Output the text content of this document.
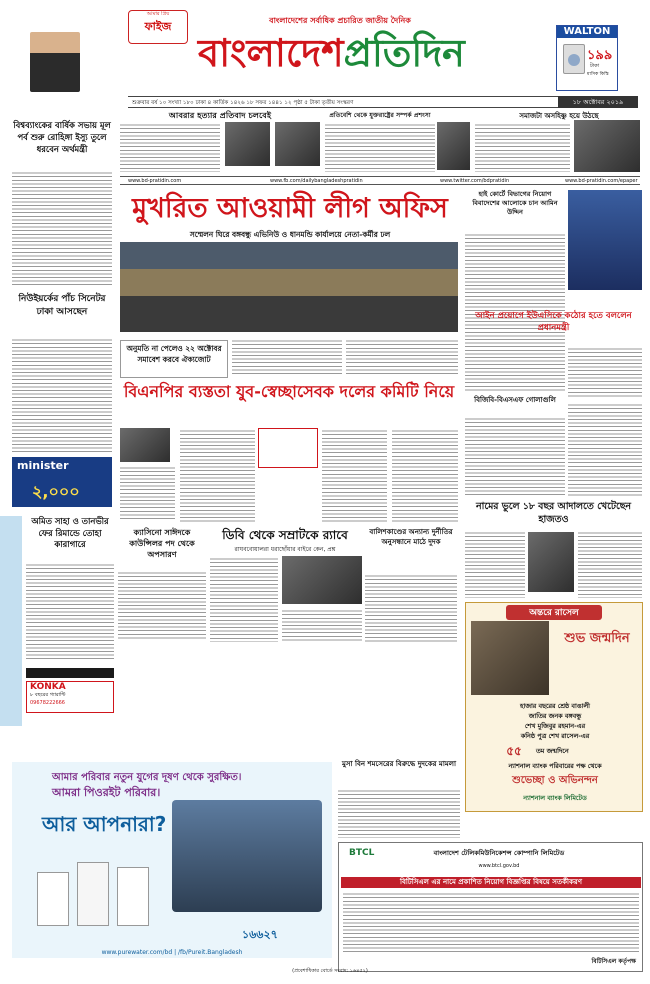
আমার প্রিয়
ফাইজ	বাংলাদেশের সর্বাধিক প্রচারিত জাতীয় দৈনিক
বাংলাদেশপ্রতিদিন	WALTON
১৯৯
টাকা
মাসিক কিস্তি
শুক্রবার বর্ষ ১০ সংখ্যা ১৮০ ঢাকা ৪ কার্তিক ১৪২৬ ১৮ সফর ১৪৪১ ১২ পৃষ্ঠা ৫ টাকা তৃতীয় সংস্করণ	১৮ অক্টোবর ২০১৯
বিশ্বব্যাংকের বার্ষিক সভায় মূল পর্ব শুরু রোহিঙ্গা ইস্যু তুলে ধরবেন অর্থমন্ত্রী
নিউইয়র্কের পাঁচ সিনেটর ঢাকা আসছেন
minister
২,০০০
অমিত সাহা ও তানভীর ফের রিমান্ডে তোহা কারাগারে
KONKA
৮ বছরের গ্যারান্টি
09678222666
আবরার হত্যার প্রতিবাদ চলবেই	প্রতিবেশি থেকে যুক্তরাষ্ট্রের সম্পর্ক প্রশংসা	সমাজটা অসহিষ্ণু হয়ে উঠছে
www.bd-pratidin.com	www.fb.com/dailybangladeshpratidin	www.twitter.com/bdpratidin	www.bd-pratidin.com/epaper
মুখরিত আওয়ামী লীগ অফিস
সম্মেলন ঘিরে বঙ্গবন্ধু এভিনিউ ও ধানমন্ডি কার্যালয়ে নেতা-কর্মীর ঢল
অনুমতি না পেলেও ২২ অক্টোবর সমাবেশ করবে ঐক্যজোট
বিএনপির ব্যস্ততা যুব-স্বেচ্ছাসেবক দলের কমিটি নিয়ে
ক্যাসিনো সাঈদকে কাউন্সিলর পদ থেকে অপসারণ
ডিবি থেকে সম্রাটকে র‍্যাবে
রাঘববোয়ালরা ধরাছোঁয়ার বাইরে কেন, প্রশ্ন
বালিশকাণ্ডের অন্যান্য দুর্নীতির অনুসন্ধানে মাঠে দুদক
হাই কোর্টে বিভাগের নিয়োগ বিবাদেশের আলোকে চান আমিন উদ্দিন
আইন প্রয়োগে ইউএসিকে কঠোর হতে বললেন প্রধানমন্ত্রী
বিজিবি-বিএসএফ গোলাগুলি
নামের ভুলে ১৮ বছর আদালতে খেটেছেন হাজতও
অন্তরে রাসেল
শুভ জন্মদিন
হাজার বছরের শ্রেষ্ঠ বাঙালী
জাতির জনক বঙ্গবন্ধু
শেখ মুজিবুর রহমান-এর
কনিষ্ঠ পুত্র শেখ রাসেল-এর
৫৫	তম জন্মদিনে
ন্যাশনাল ব্যাংক পরিবারের পক্ষ থেকে
শুভেচ্ছা ও অভিনন্দন
ন্যাশনাল ব্যাংক লিমিটেড
মুসা বিন শমসেরের বিরুদ্ধে দুদকের মামলা
আমার পরিবার নতুন যুগের দূষণ থেকে সুরক্ষিত।
আমরা পিওরইট পরিবার।
আর আপনারা?
১৬৬২৭
www.purewater.com/bd | /fb/Pureit.Bangladesh
BTCL	বাংলাদেশ টেলিকমিউনিকেশন্স কোম্পানি লিমিটেড
www.btcl.gov.bd
বিটিসিএল এর নামে প্রকাশিত নিয়োগ বিজ্ঞপ্তির বিষয়ে সতর্কীকরণ
বিটিসিএল কর্তৃপক্ষ
(প্রবেশাধিকার বোর্ডে সংবাদ: ১৬৪৫২)
